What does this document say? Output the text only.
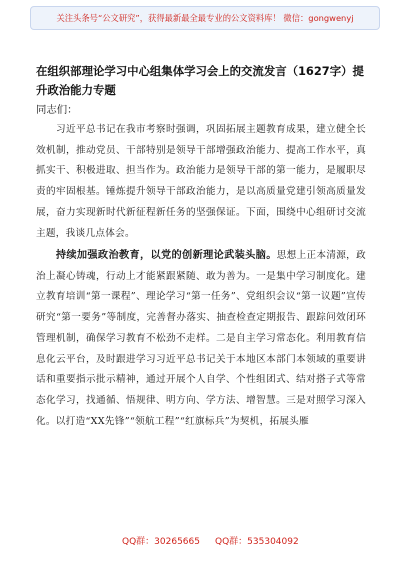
关注头条号“公文研究”，获得最新最全最专业的公文资料库！ 微信：gongwenyj
在组织部理论学习中心组集体学习会上的交流发言（1627字）提升政治能力专题

同志们：

　　习近平总书记在我市考察时强调，巩固拓展主题教育成果，建立健全长效机制，推动党员、干部特别是领导干部增强政治能力、提高工作水平，真抓实干、积极进取、担当作为。政治能力是领导干部的第一能力，是履职尽责的牢固根基。锤炼提升领导干部政治能力，是以高质量党建引领高质量发展，奋力实现新时代新征程新任务的坚强保证。下面，围绕中心组研讨交流主题，我谈几点体会。

　　持续加强政治教育，以党的创新理论武装头脑。思想上正本清源，政治上凝心铸魂，行动上才能紧跟紧随、敢为善为。一是集中学习制度化。建立教育培训“第一课程”、理论学习“第一任务”、党组织会议“第一议题”宣传研究“第一要务”等制度，完善督办落实、抽查检查定期报告、跟踪问效闭环管理机制，确保学习教育不松劲不走样。二是自主学习常态化。利用教育信息化云平台，及时跟进学习习近平总书记关于本地区本部门本领域的重要讲话和重要指示批示精神，通过开展个人自学、个性组团式、结对搭子式等常态化学习，找通循、悟规律、明方向、学方法、增智慧。三是对照学习深入化。以打造“XX先锋”“领航工程”“红旗标兵”为契机，拓展头雁

QQ群：30265665 QQ群：535304092
